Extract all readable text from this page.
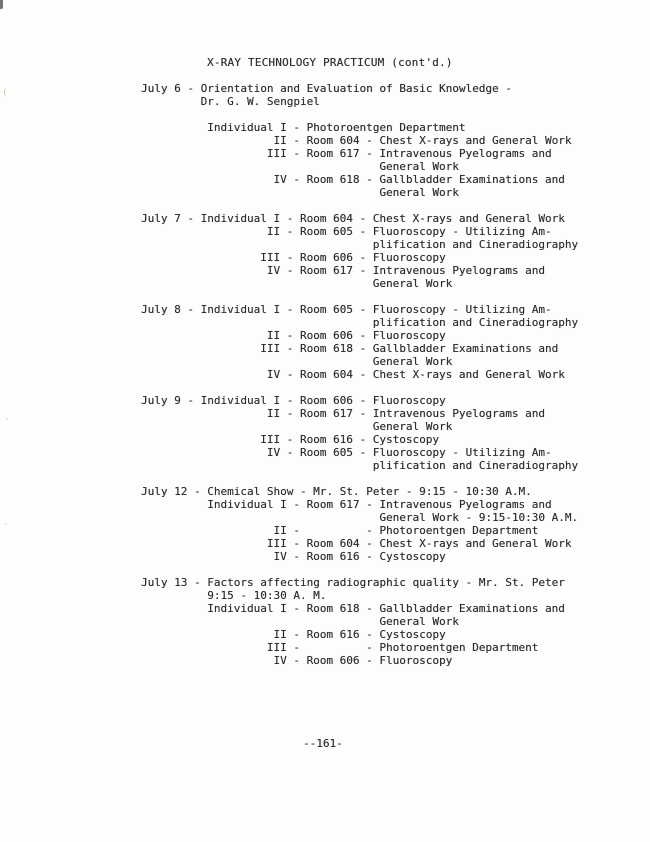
X-RAY TECHNOLOGY PRACTICUM (cont'd.)
July 6 - Orientation and Evaluation of Basic Knowledge -
Dr. G. W. Sengpiel
Individual I - Photoroentgen Department
II - Room 604 - Chest X-rays and General Work
III - Room 617 - Intravenous Pyelograms and
General Work
IV - Room 618 - Gallbladder Examinations and
General Work
July 7 - Individual I - Room 604 - Chest X-rays and General Work
II - Room 605 - Fluoroscopy - Utilizing Am-
plification and Cineradiography
III - Room 606 - Fluoroscopy
IV - Room 617 - Intravenous Pyelograms and
General Work
July 8 - Individual I - Room 605 - Fluoroscopy - Utilizing Am-
plification and Cineradiography
II - Room 606 - Fluoroscopy
III - Room 618 - Gallbladder Examinations and
General Work
IV - Room 604 - Chest X-rays and General Work
July 9 - Individual I - Room 606 - Fluoroscopy
II - Room 617 - Intravenous Pyelograms and
General Work
III - Room 616 - Cystoscopy
IV - Room 605 - Fluoroscopy - Utilizing Am-
plification and Cineradiography
July 12 - Chemical Show - Mr. St. Peter - 9:15 - 10:30 A.M.
Individual I - Room 617 - Intravenous Pyelograms and
General Work - 9:15-10:30 A.M.
II -          - Photoroentgen Department
III - Room 604 - Chest X-rays and General Work
IV - Room 616 - Cystoscopy
July 13 - Factors affecting radiographic quality - Mr. St. Peter
9:15 - 10:30 A. M.
Individual I - Room 618 - Gallbladder Examinations and
General Work
II - Room 616 - Cystoscopy
III -          - Photoroentgen Department
IV - Room 606 - Fluoroscopy
--161-
